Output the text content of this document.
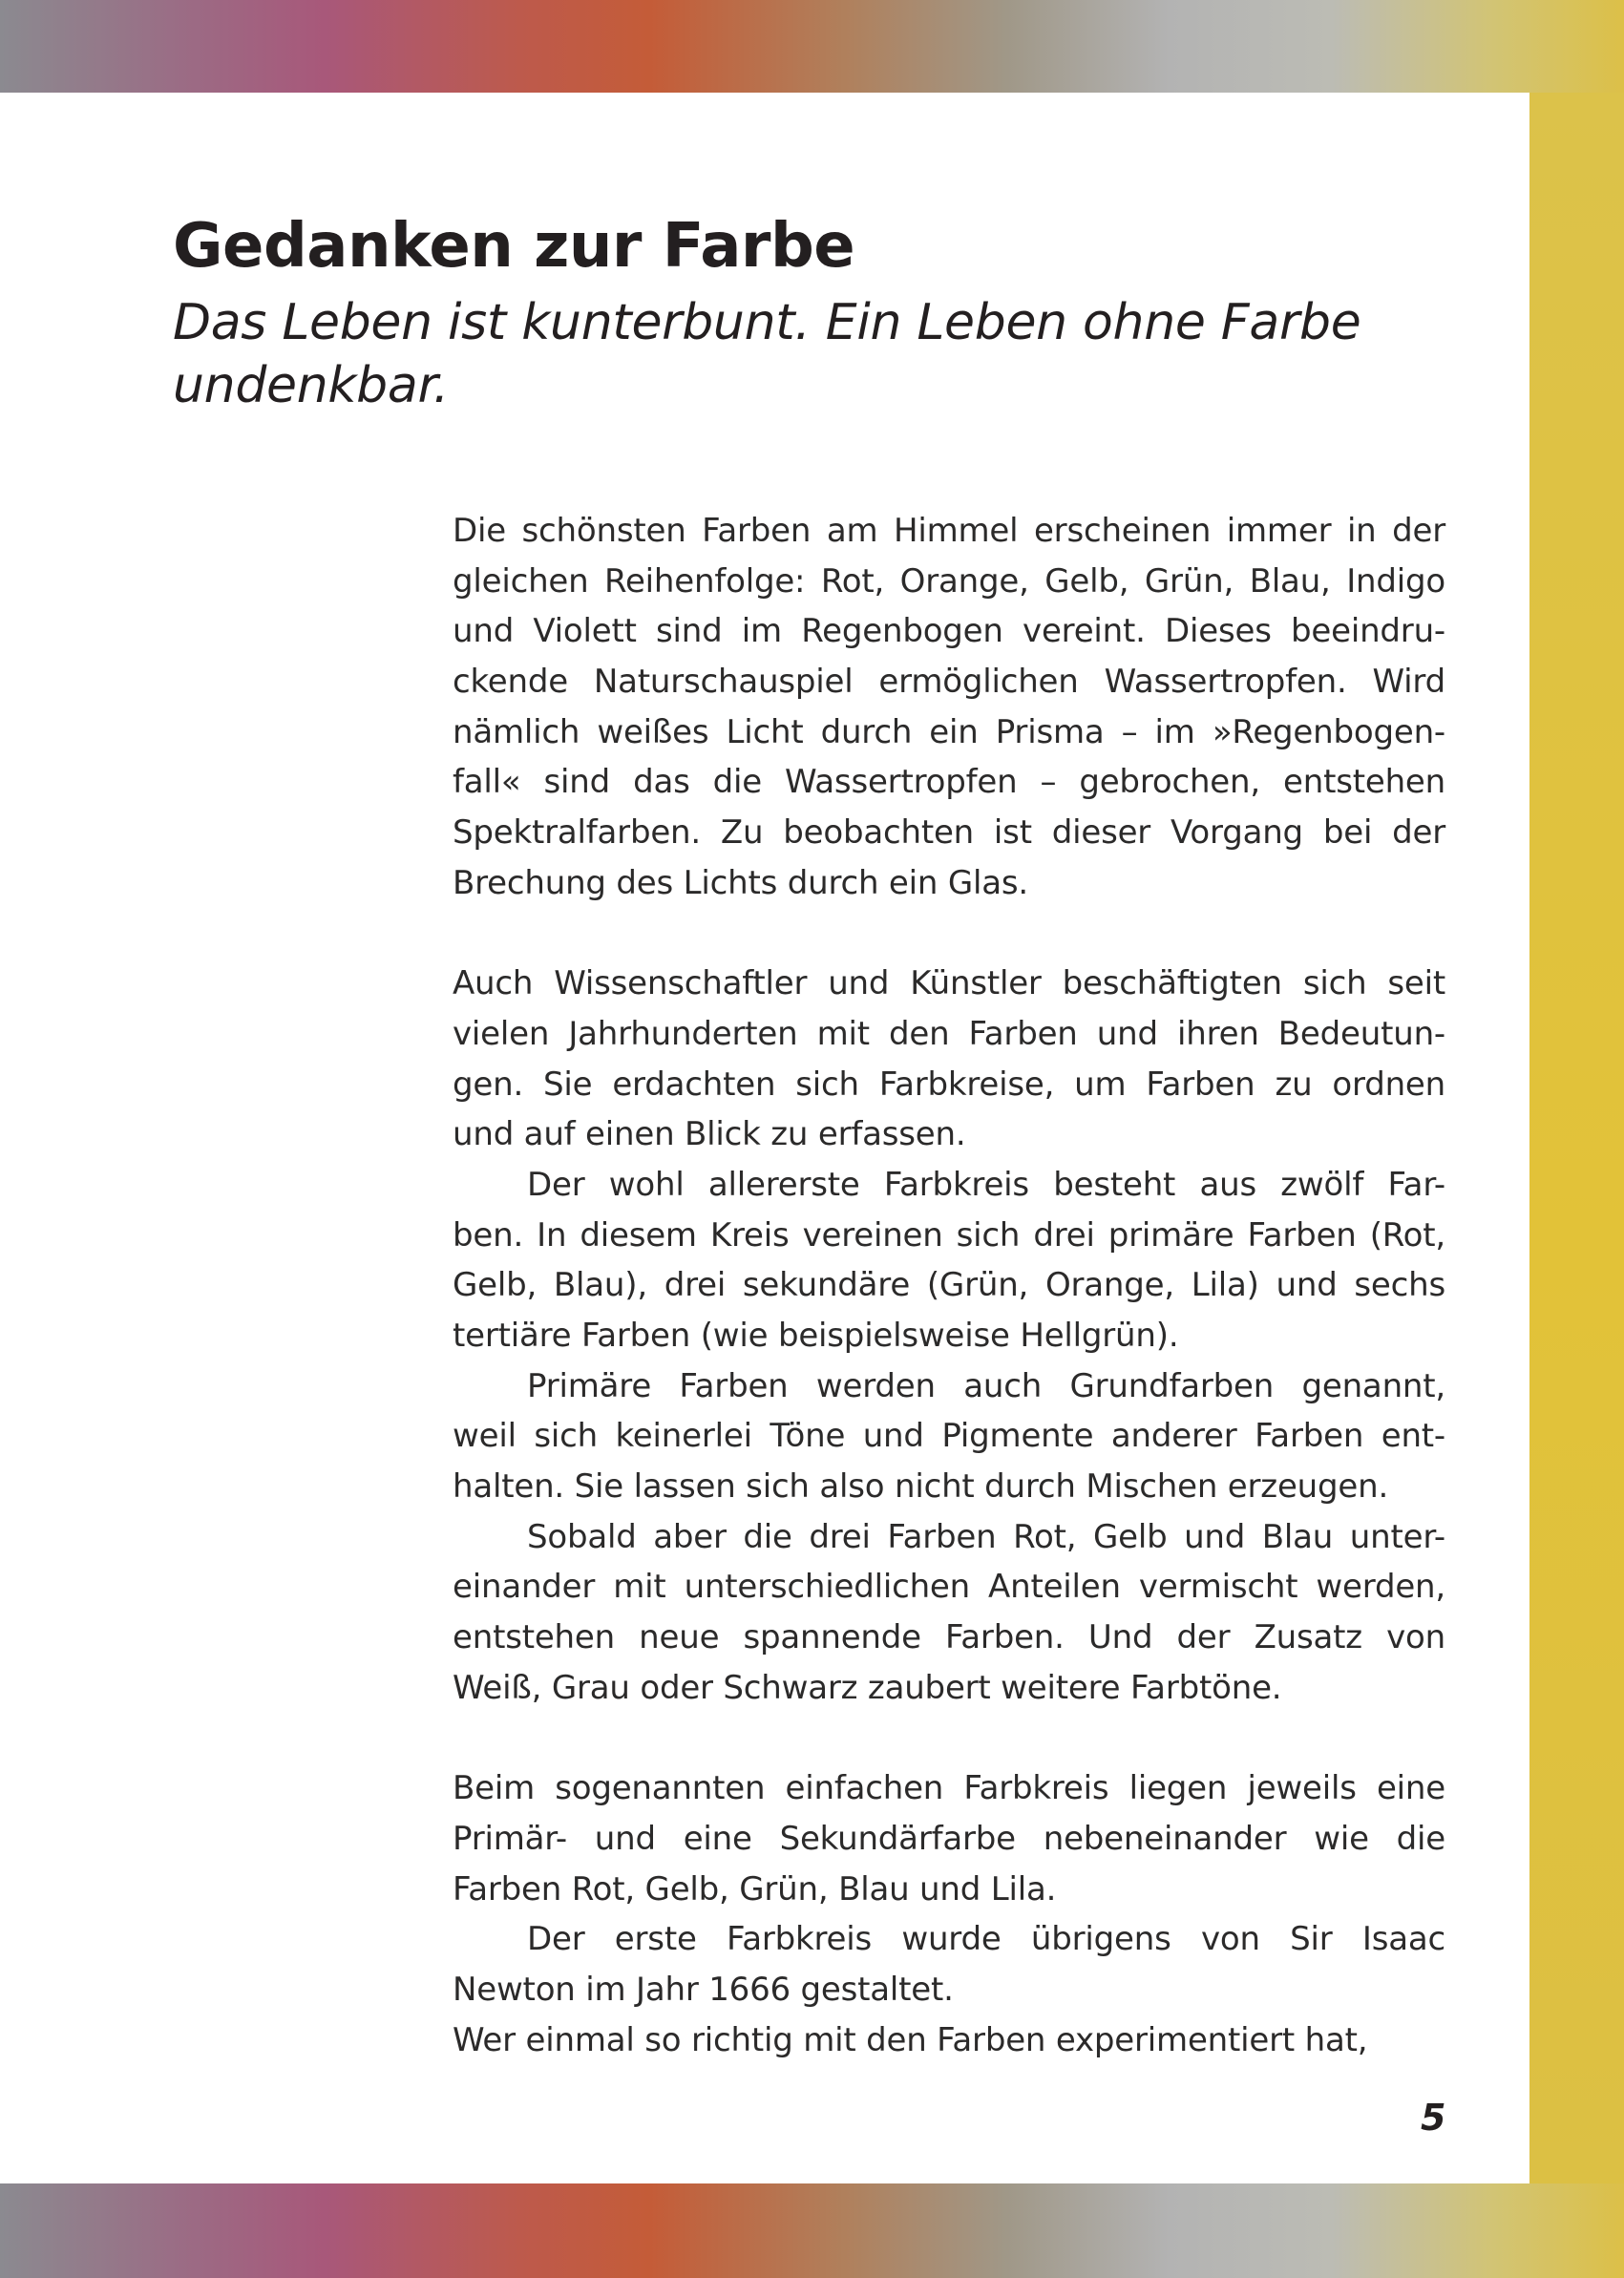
Gedanken zur Farbe
Das Leben ist kunterbunt. Ein Leben ohne Farbe
undenkbar.
Die schönsten Farben am Himmel erscheinen immer in der
gleichen Reihenfolge: Rot, Orange, Gelb, Grün, Blau, Indigo
und Violett sind im Regenbogen vereint. Dieses beeindru-
ckende Naturschauspiel ermöglichen Wassertropfen. Wird
nämlich weißes Licht durch ein Prisma – im »Regenbogen-
fall« sind das die Wassertropfen – gebrochen, entstehen
Spektralfarben. Zu beobachten ist dieser Vorgang bei der
Brechung des Lichts durch ein Glas.
Auch Wissenschaftler und Künstler beschäftigten sich seit
vielen Jahrhunderten mit den Farben und ihren Bedeutun-
gen. Sie erdachten sich Farbkreise, um Farben zu ordnen
und auf einen Blick zu erfassen.
Der wohl allererste Farbkreis besteht aus zwölf Far-
ben. In diesem Kreis vereinen sich drei primäre Farben (Rot,
Gelb, Blau), drei sekundäre (Grün, Orange, Lila) und sechs
tertiäre Farben (wie beispielsweise Hellgrün).
Primäre Farben werden auch Grundfarben genannt,
weil sich keinerlei Töne und Pigmente anderer Farben ent-
halten. Sie lassen sich also nicht durch Mischen erzeugen.
Sobald aber die drei Farben Rot, Gelb und Blau unter-
einander mit unterschiedlichen Anteilen vermischt werden,
entstehen neue spannende Farben. Und der Zusatz von
Weiß, Grau oder Schwarz zaubert weitere Farbtöne.
Beim sogenannten einfachen Farbkreis liegen jeweils eine
Primär- und eine Sekundärfarbe nebeneinander wie die
Farben Rot, Gelb, Grün, Blau und Lila.
Der erste Farbkreis wurde übrigens von Sir Isaac
Newton im Jahr 1666 gestaltet.
Wer einmal so richtig mit den Farben experimentiert hat,
5
